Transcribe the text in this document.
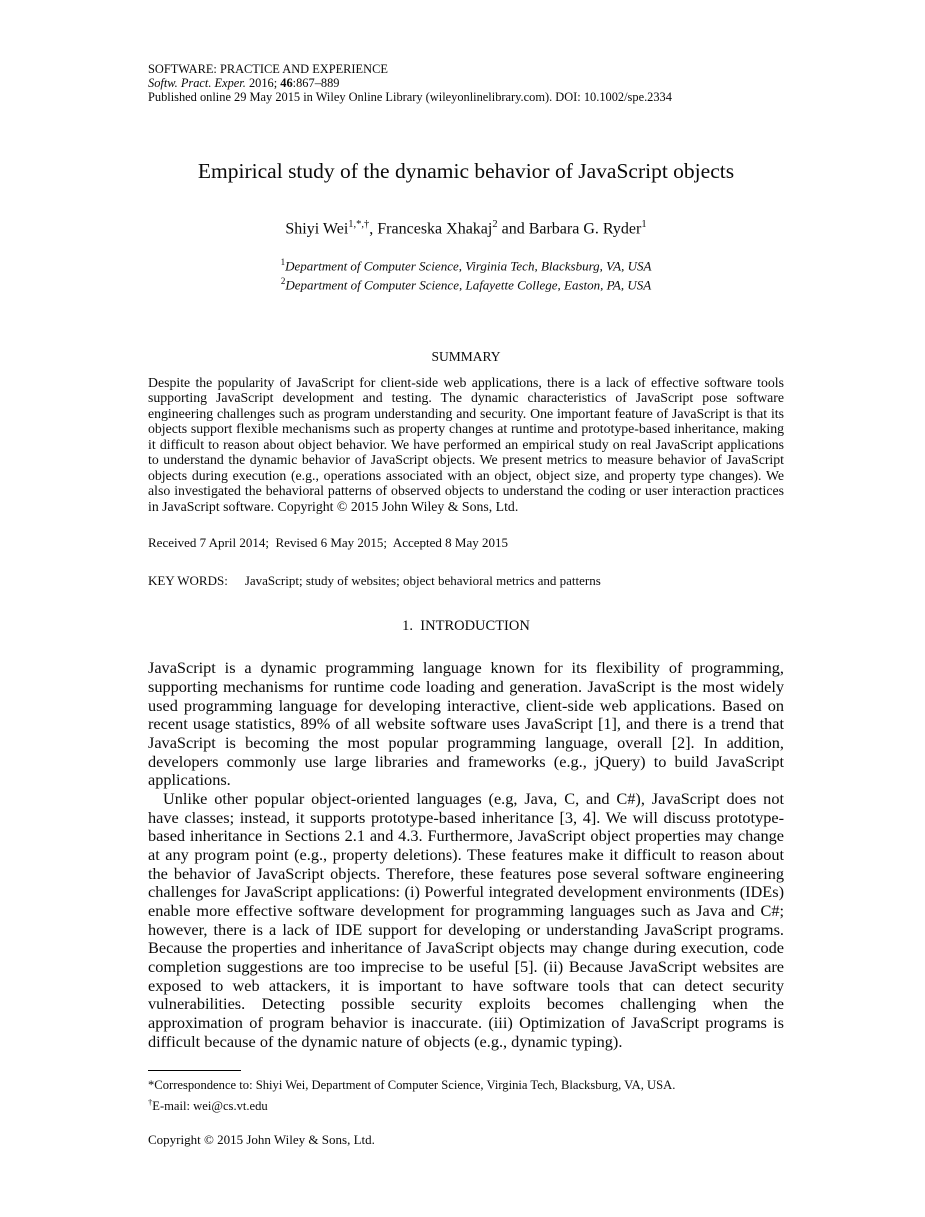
SOFTWARE: PRACTICE AND EXPERIENCE
Softw. Pract. Exper. 2016; 46:867–889
Published online 29 May 2015 in Wiley Online Library (wileyonlinelibrary.com). DOI: 10.1002/spe.2334
Empirical study of the dynamic behavior of JavaScript objects
Shiyi Wei$^{1,*,\dagger}$, Franceska Xhakaj$^2$ and Barbara G. Ryder$^1$
$^1$Department of Computer Science, Virginia Tech, Blacksburg, VA, USA
$^2$Department of Computer Science, Lafayette College, Easton, PA, USA
SUMMARY

Despite the popularity of JavaScript for client-side web applications, there is a lack of effective software tools supporting JavaScript development and testing. The dynamic characteristics of JavaScript pose software engineering challenges such as program understanding and security. One important feature of JavaScript is that its objects support flexible mechanisms such as property changes at runtime and prototype-based inheritance, making it difficult to reason about object behavior. We have performed an empirical study on real JavaScript applications to understand the dynamic behavior of JavaScript objects. We present metrics to measure behavior of JavaScript objects during execution (e.g., operations associated with an object, object size, and property type changes). We also investigated the behavioral patterns of observed objects to understand the coding or user interaction practices in JavaScript software. Copyright © 2015 John Wiley & Sons, Ltd.

Received 7 April 2014;  Revised 6 May 2015;  Accepted 8 May 2015
KEY WORDS: JavaScript; study of websites; object behavioral metrics and patterns
1.  INTRODUCTION

JavaScript is a dynamic programming language known for its flexibility of programming, supporting mechanisms for runtime code loading and generation. JavaScript is the most widely used programming language for developing interactive, client-side web applications. Based on recent usage statistics, 89% of all website software uses JavaScript [1], and there is a trend that JavaScript is becoming the most popular programming language, overall [2]. In addition, developers commonly use large libraries and frameworks (e.g., jQuery) to build JavaScript applications.

Unlike other popular object-oriented languages (e.g, Java, C, and C#), JavaScript does not have classes; instead, it supports prototype-based inheritance [3, 4]. We will discuss prototype-based inheritance in Sections 2.1 and 4.3. Furthermore, JavaScript object properties may change at any program point (e.g., property deletions). These features make it difficult to reason about the behavior of JavaScript objects. Therefore, these features pose several software engineering challenges for JavaScript applications: (i) Powerful integrated development environments (IDEs) enable more effective software development for programming languages such as Java and C#; however, there is a lack of IDE support for developing or understanding JavaScript programs. Because the properties and inheritance of JavaScript objects may change during execution, code completion suggestions are too imprecise to be useful [5]. (ii) Because JavaScript websites are exposed to web attackers, it is important to have software tools that can detect security vulnerabilities. Detecting possible security exploits becomes challenging when the approximation of program behavior is inaccurate. (iii) Optimization of JavaScript programs is difficult because of the dynamic nature of objects (e.g., dynamic typing).

*Correspondence to: Shiyi Wei, Department of Computer Science, Virginia Tech, Blacksburg, VA, USA.
†E-mail: wei@cs.vt.edu
Copyright © 2015 John Wiley & Sons, Ltd.
